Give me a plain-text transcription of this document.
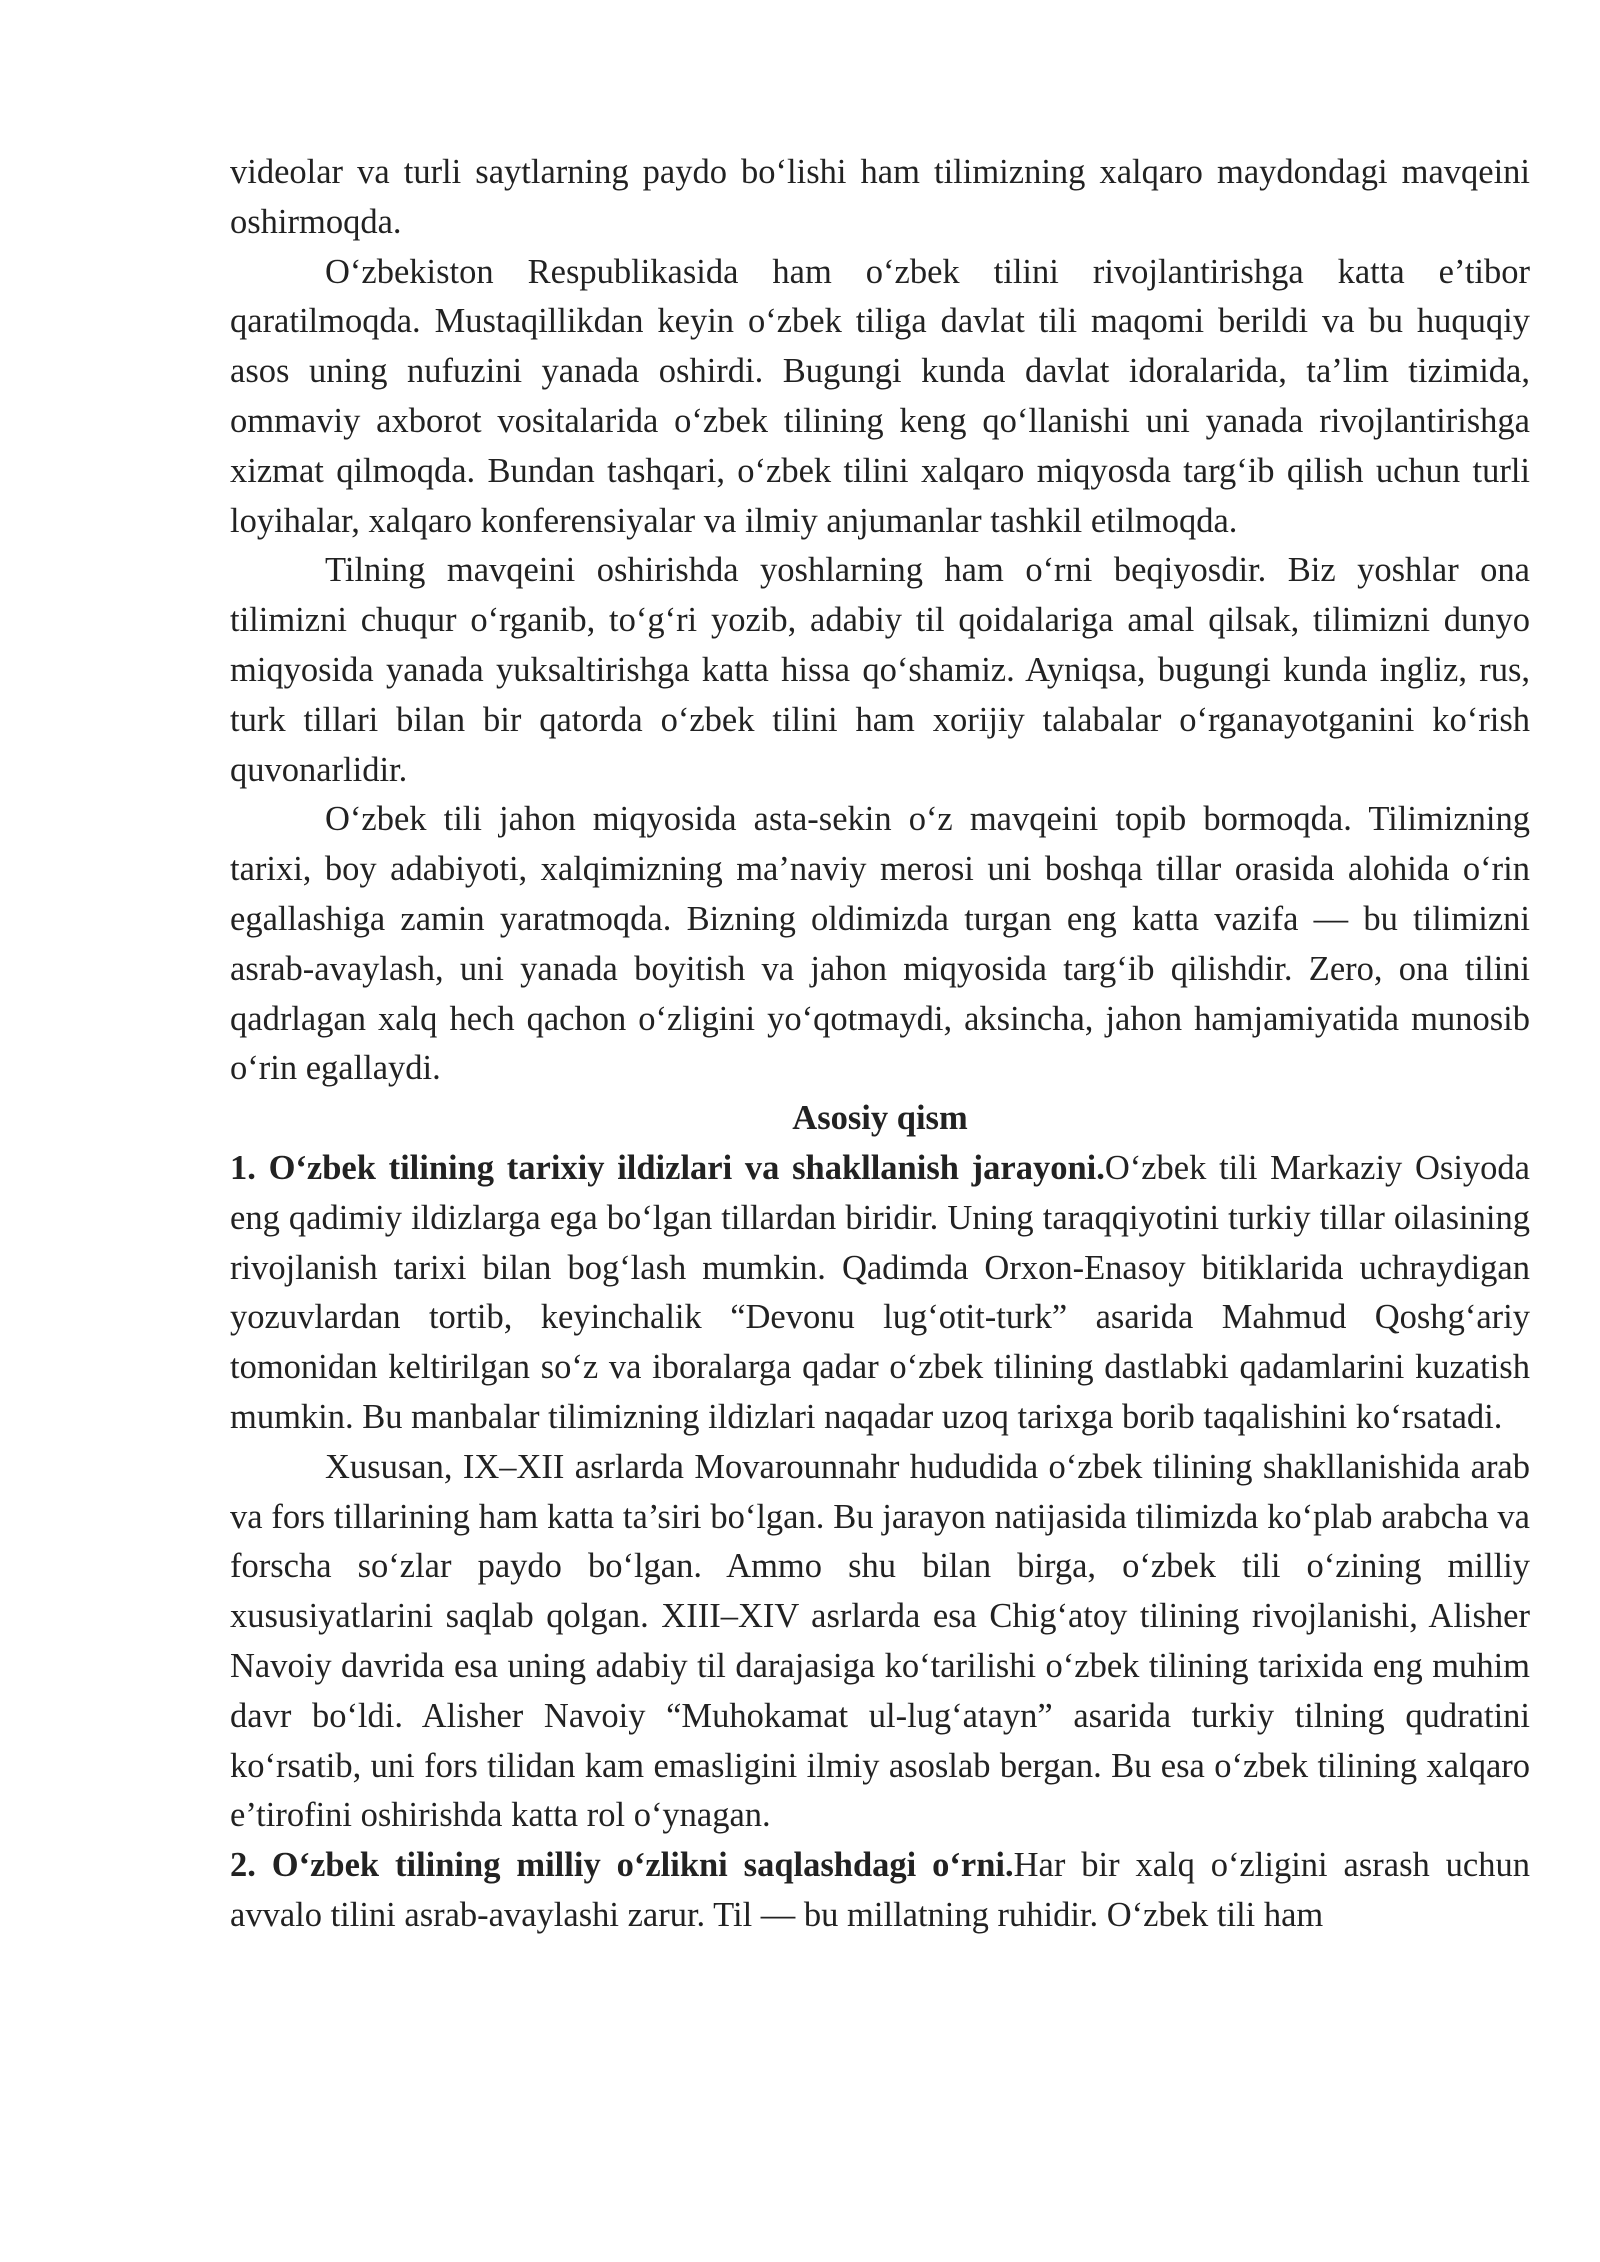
videolar va turli saytlarning paydo boʻlishi ham tilimizning xalqaro maydondagi mavqeini oshirmoqda.

Oʻzbekiston Respublikasida ham oʻzbek tilini rivojlantirishga katta e’tibor qaratilmoqda. Mustaqillikdan keyin oʻzbek tiliga davlat tili maqomi berildi va bu huquqiy asos uning nufuzini yanada oshirdi. Bugungi kunda davlat idoralarida, ta’lim tizimida, ommaviy axborot vositalarida oʻzbek tilining keng qoʻllanishi uni yanada rivojlantirishga xizmat qilmoqda. Bundan tashqari, oʻzbek tilini xalqaro miqyosda targʻib qilish uchun turli loyihalar, xalqaro konferensiyalar va ilmiy anjumanlar tashkil etilmoqda.

Tilning mavqeini oshirishda yoshlarning ham oʻrni beqiyosdir. Biz yoshlar ona tilimizni chuqur oʻrganib, toʻgʻri yozib, adabiy til qoidalariga amal qilsak, tilimizni dunyo miqyosida yanada yuksaltirishga katta hissa qoʻshamiz. Ayniqsa, bugungi kunda ingliz, rus, turk tillari bilan bir qatorda oʻzbek tilini ham xorijiy talabalar oʻrganayotganini koʻrish quvonarlidir.

Oʻzbek tili jahon miqyosida asta-sekin oʻz mavqeini topib bormoqda. Tilimizning tarixi, boy adabiyoti, xalqimizning ma’naviy merosi uni boshqa tillar orasida alohida oʻrin egallashiga zamin yaratmoqda. Bizning oldimizda turgan eng katta vazifa — bu tilimizni asrab-avaylash, uni yanada boyitish va jahon miqyosida targʻib qilishdir. Zero, ona tilini qadrlagan xalq hech qachon oʻzligini yoʻqotmaydi, aksincha, jahon hamjamiyatida munosib oʻrin egallaydi.

Asosiy qism

1. Oʻzbek tilining tarixiy ildizlari va shakllanish jarayoni.Oʻzbek tili Markaziy Osiyoda eng qadimiy ildizlarga ega boʻlgan tillardan biridir. Uning taraqqiyotini turkiy tillar oilasining rivojlanish tarixi bilan bogʻlash mumkin. Qadimda Orxon-Enasoy bitiklarida uchraydigan yozuvlardan tortib, keyinchalik “Devonu lugʻotit-turk” asarida Mahmud Qoshgʻariy tomonidan keltirilgan soʻz va iboralarga qadar oʻzbek tilining dastlabki qadamlarini kuzatish mumkin. Bu manbalar tilimizning ildizlari naqadar uzoq tarixga borib taqalishini koʻrsatadi.

Xususan, IX–XII asrlarda Movarounnahr hududida oʻzbek tilining shakllanishida arab va fors tillarining ham katta ta’siri boʻlgan. Bu jarayon natijasida tilimizda koʻplab arabcha va forscha soʻzlar paydo boʻlgan. Ammo shu bilan birga, oʻzbek tili oʻzining milliy xususiyatlarini saqlab qolgan. XIII–XIV asrlarda esa Chigʻatoy tilining rivojlanishi, Alisher Navoiy davrida esa uning adabiy til darajasiga koʻtarilishi oʻzbek tilining tarixida eng muhim davr boʻldi. Alisher Navoiy “Muhokamat ul-lugʻatayn” asarida turkiy tilning qudratini koʻrsatib, uni fors tilidan kam emasligini ilmiy asoslab bergan. Bu esa oʻzbek tilining xalqaro e’tirofini oshirishda katta rol oʻynagan.

2. Oʻzbek tilining milliy oʻzlikni saqlashdagi oʻrni.Har bir xalq oʻzligini asrash uchun avvalo tilini asrab-avaylashi zarur. Til — bu millatning ruhidir. Oʻzbek tili ham
